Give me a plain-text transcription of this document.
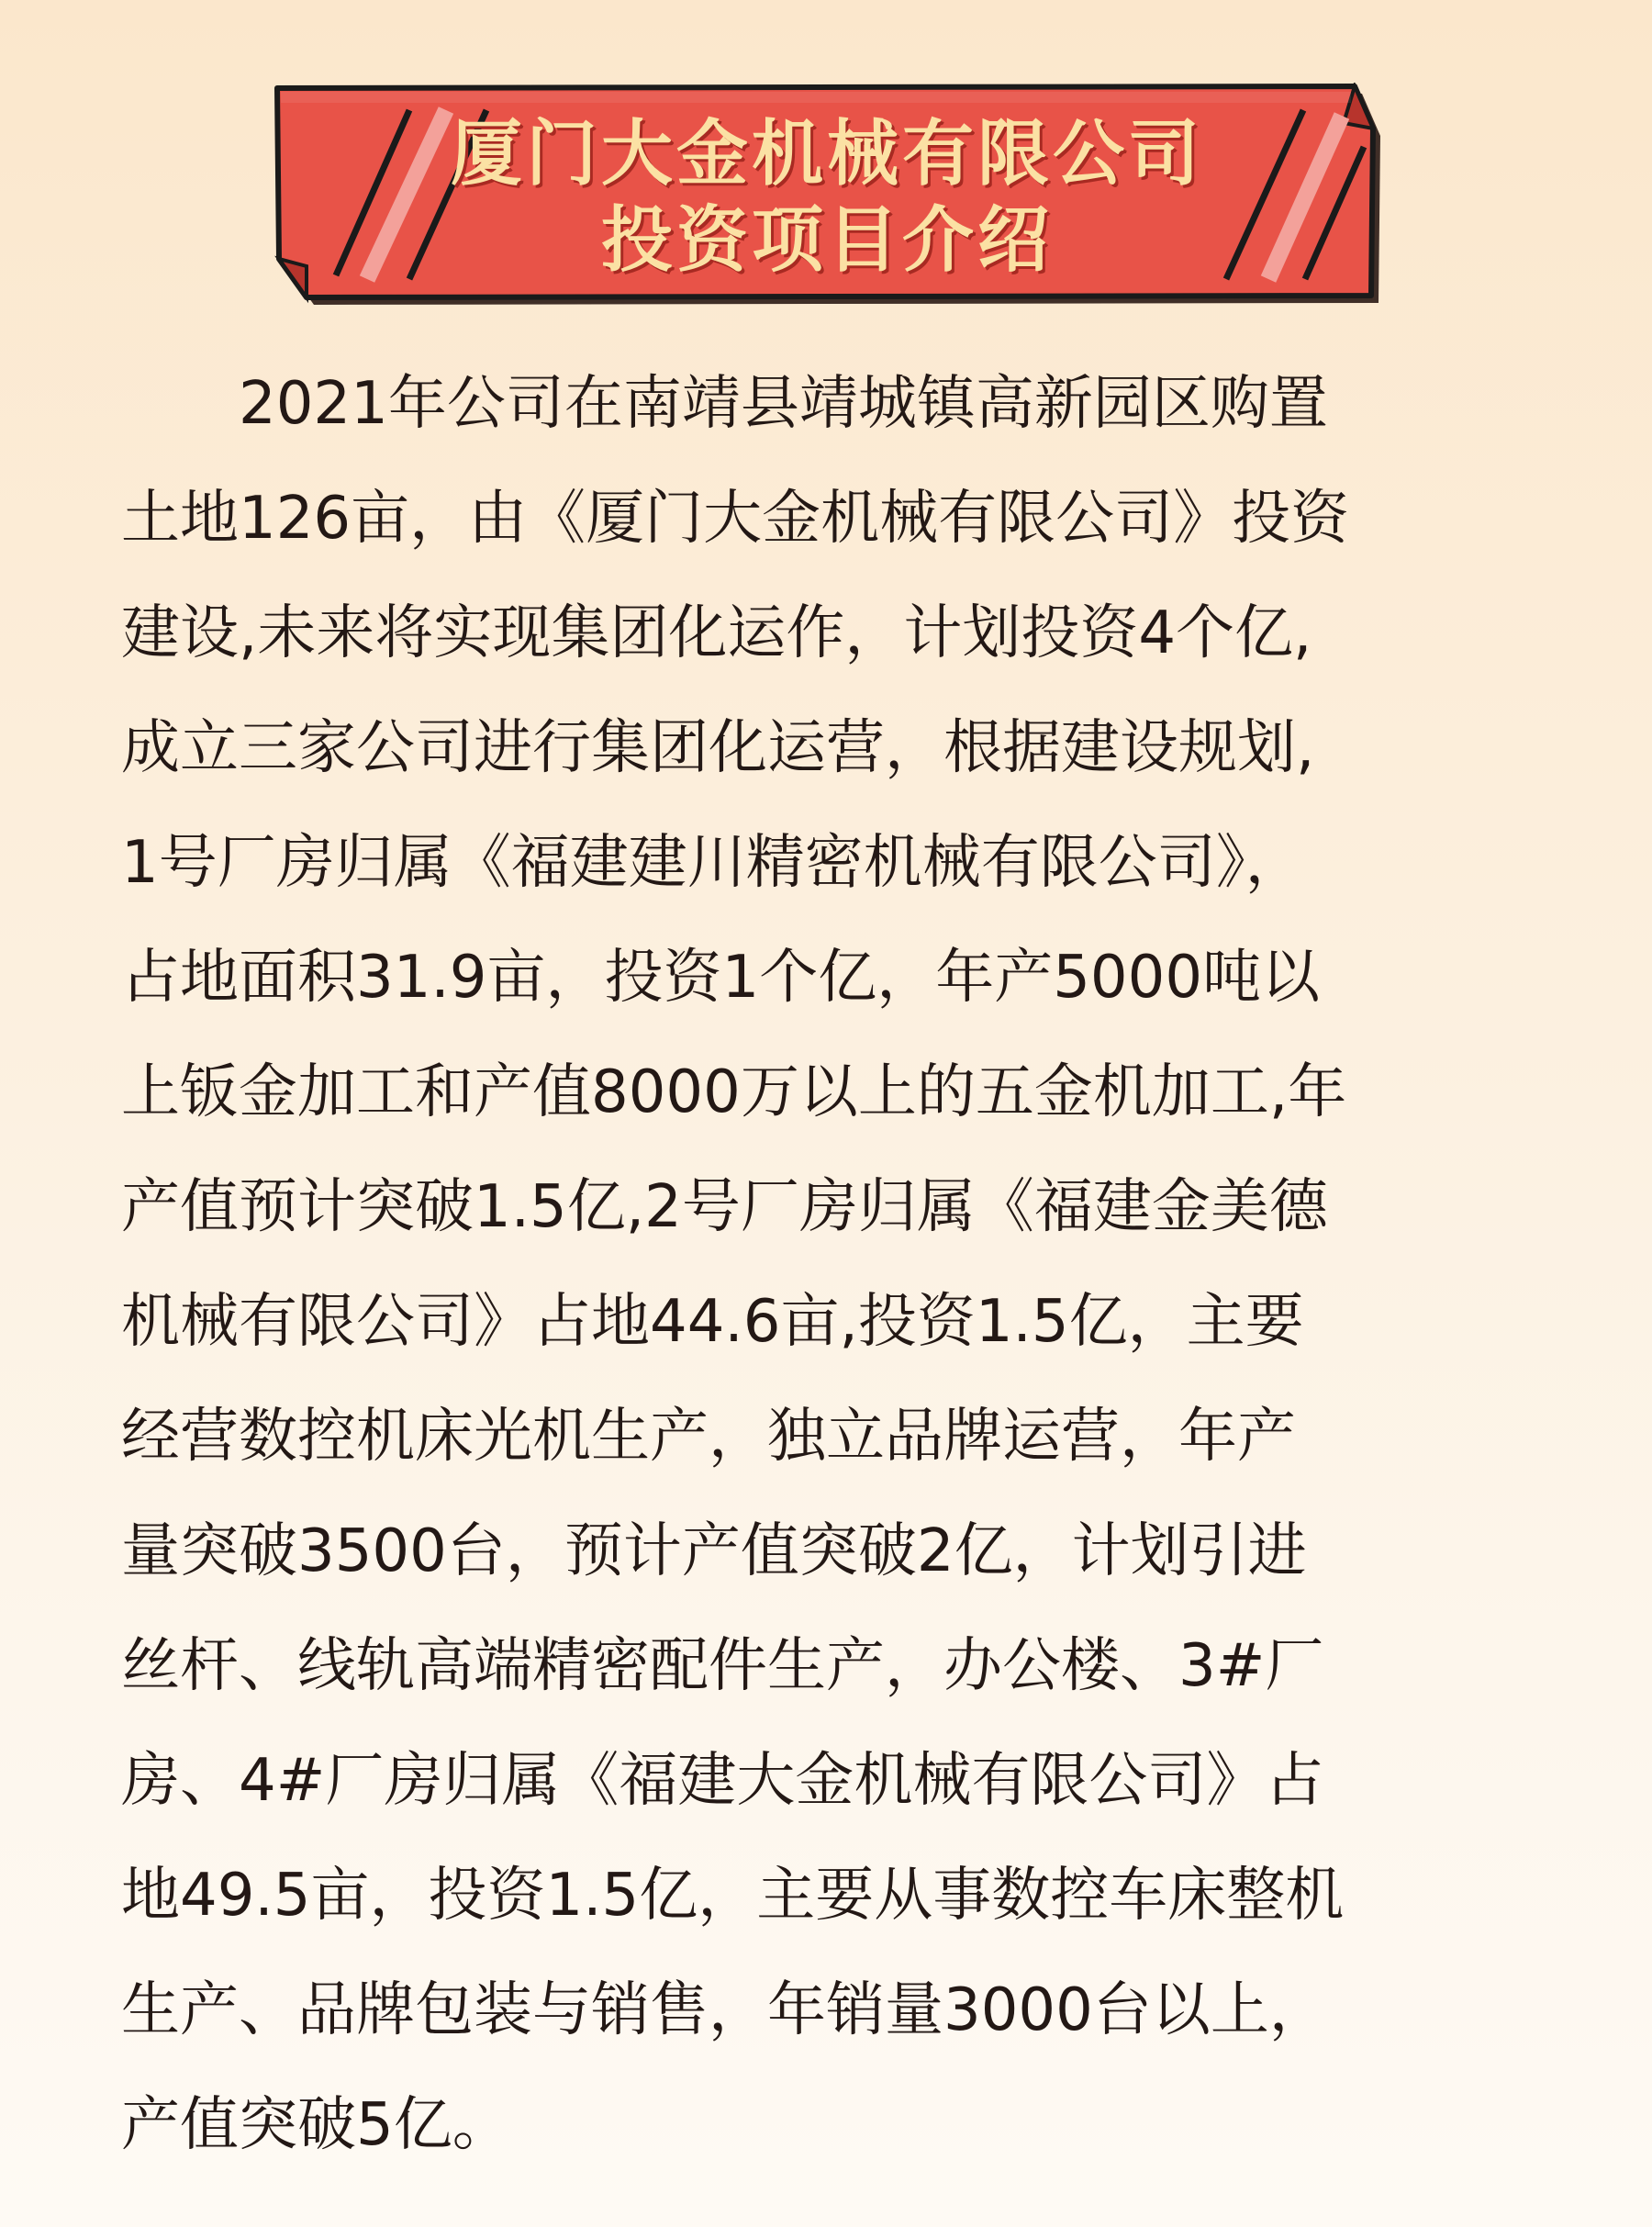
厦门大金机械有限公司
投资项目介绍
　　2021年公司在南靖县靖城镇高新园区购置
土地126亩，由《厦门大金机械有限公司》投资
建设,未来将实现集团化运作，计划投资4个亿,
成立三家公司进行集团化运营，根据建设规划,
1号厂房归属《福建建川精密机械有限公司》，
占地面积31.9亩，投资1个亿，年产5000吨以
上钣金加工和产值8000万以上的五金机加工,年
产值预计突破1.5亿,2号厂房归属《福建金美德
机械有限公司》占地44.6亩,投资1.5亿，主要
经营数控机床光机生产，独立品牌运营，年产
量突破3500台，预计产值突破2亿，计划引进
丝杆、线轨高端精密配件生产，办公楼、3#厂
房、4#厂房归属《福建大金机械有限公司》占
地49.5亩，投资1.5亿，主要从事数控车床整机
生产、品牌包装与销售，年销量3000台以上，
产值突破5亿。
